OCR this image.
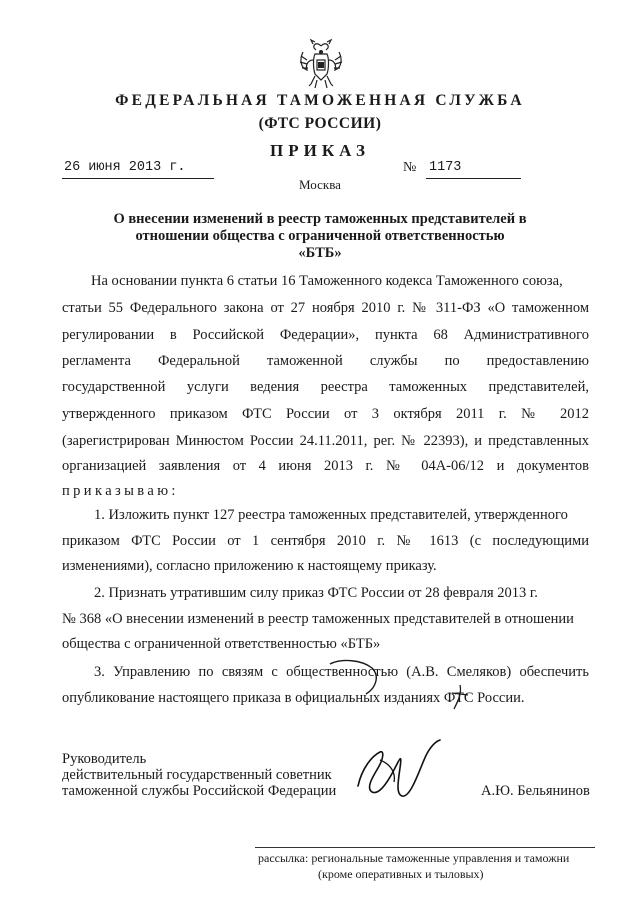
ФЕДЕРАЛЬНАЯ ТАМОЖЕННАЯ СЛУЖБА
(ФТС РОССИИ)
ПРИКАЗ
26 июня 2013 г.	№ 1173
Москва
О внесении изменений в реестр таможенных представителей в
отношении общества с ограниченной ответственностью
«БТБ»
На основании пункта 6 статьи 16 Таможенного кодекса Таможенного союза,
статьи 55 Федерального закона от 27 ноября 2010 г. № 311-ФЗ «О таможенном
регулировании в Российской Федерации», пункта 68 Административного
регламента Федеральной таможенной службы по предоставлению
государственной услуги ведения реестра таможенных представителей,
утвержденного приказом ФТС России от 3 октября 2011 г. № 2012
(зарегистрирован Минюстом России 24.11.2011, рег. № 22393), и представленных
организацией заявления от 4 июня 2013 г. № 04А-06/12 и документов
приказываю:
1. Изложить пункт 127 реестра таможенных представителей, утвержденного
приказом ФТС России от 1 сентября 2010 г. № 1613 (с последующими
изменениями), согласно приложению к настоящему приказу.
2. Признать утратившим силу приказ ФТС России от 28 февраля 2013 г.
№ 368 «О внесении изменений в реестр таможенных представителей в отношении
общества с ограниченной ответственностью «БТБ»
3. Управлению по связям с общественностью (А.В. Смеляков) обеспечить
опубликование настоящего приказа в официальных изданиях ФТС России.
Руководитель
действительный государственный советник
таможенной службы Российской Федерации	А.Ю. Бельянинов
рассылка: региональные таможенные управления и таможни
(кроме оперативных и тыловых)
